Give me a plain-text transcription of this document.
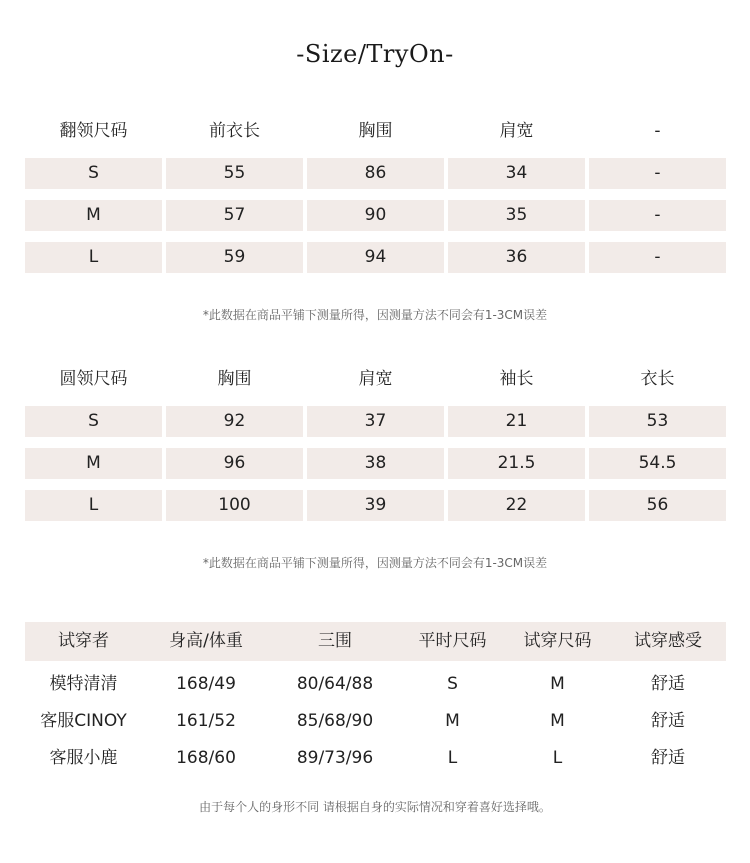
-Size/TryOn-
翻领尺码	前衣长	胸围	肩宽	-
S	55	86	34	-
M	57	90	35	-
L	59	94	36	-
*此数据在商品平铺下测量所得，因测量方法不同会有1-3CM误差
圆领尺码	胸围	肩宽	袖长	衣长
S	92	37	21	53
M	96	38	21.5	54.5
L	100	39	22	56
*此数据在商品平铺下测量所得，因测量方法不同会有1-3CM误差
试穿者	身高/体重	三围	平时尺码	试穿尺码	试穿感受
模特清清	168/49	80/64/88	S	M	舒适
客服CINOY	161/52	85/68/90	M	M	舒适
客服小鹿	168/60	89/73/96	L	L	舒适
由于每个人的身形不同 请根据自身的实际情况和穿着喜好选择哦。
